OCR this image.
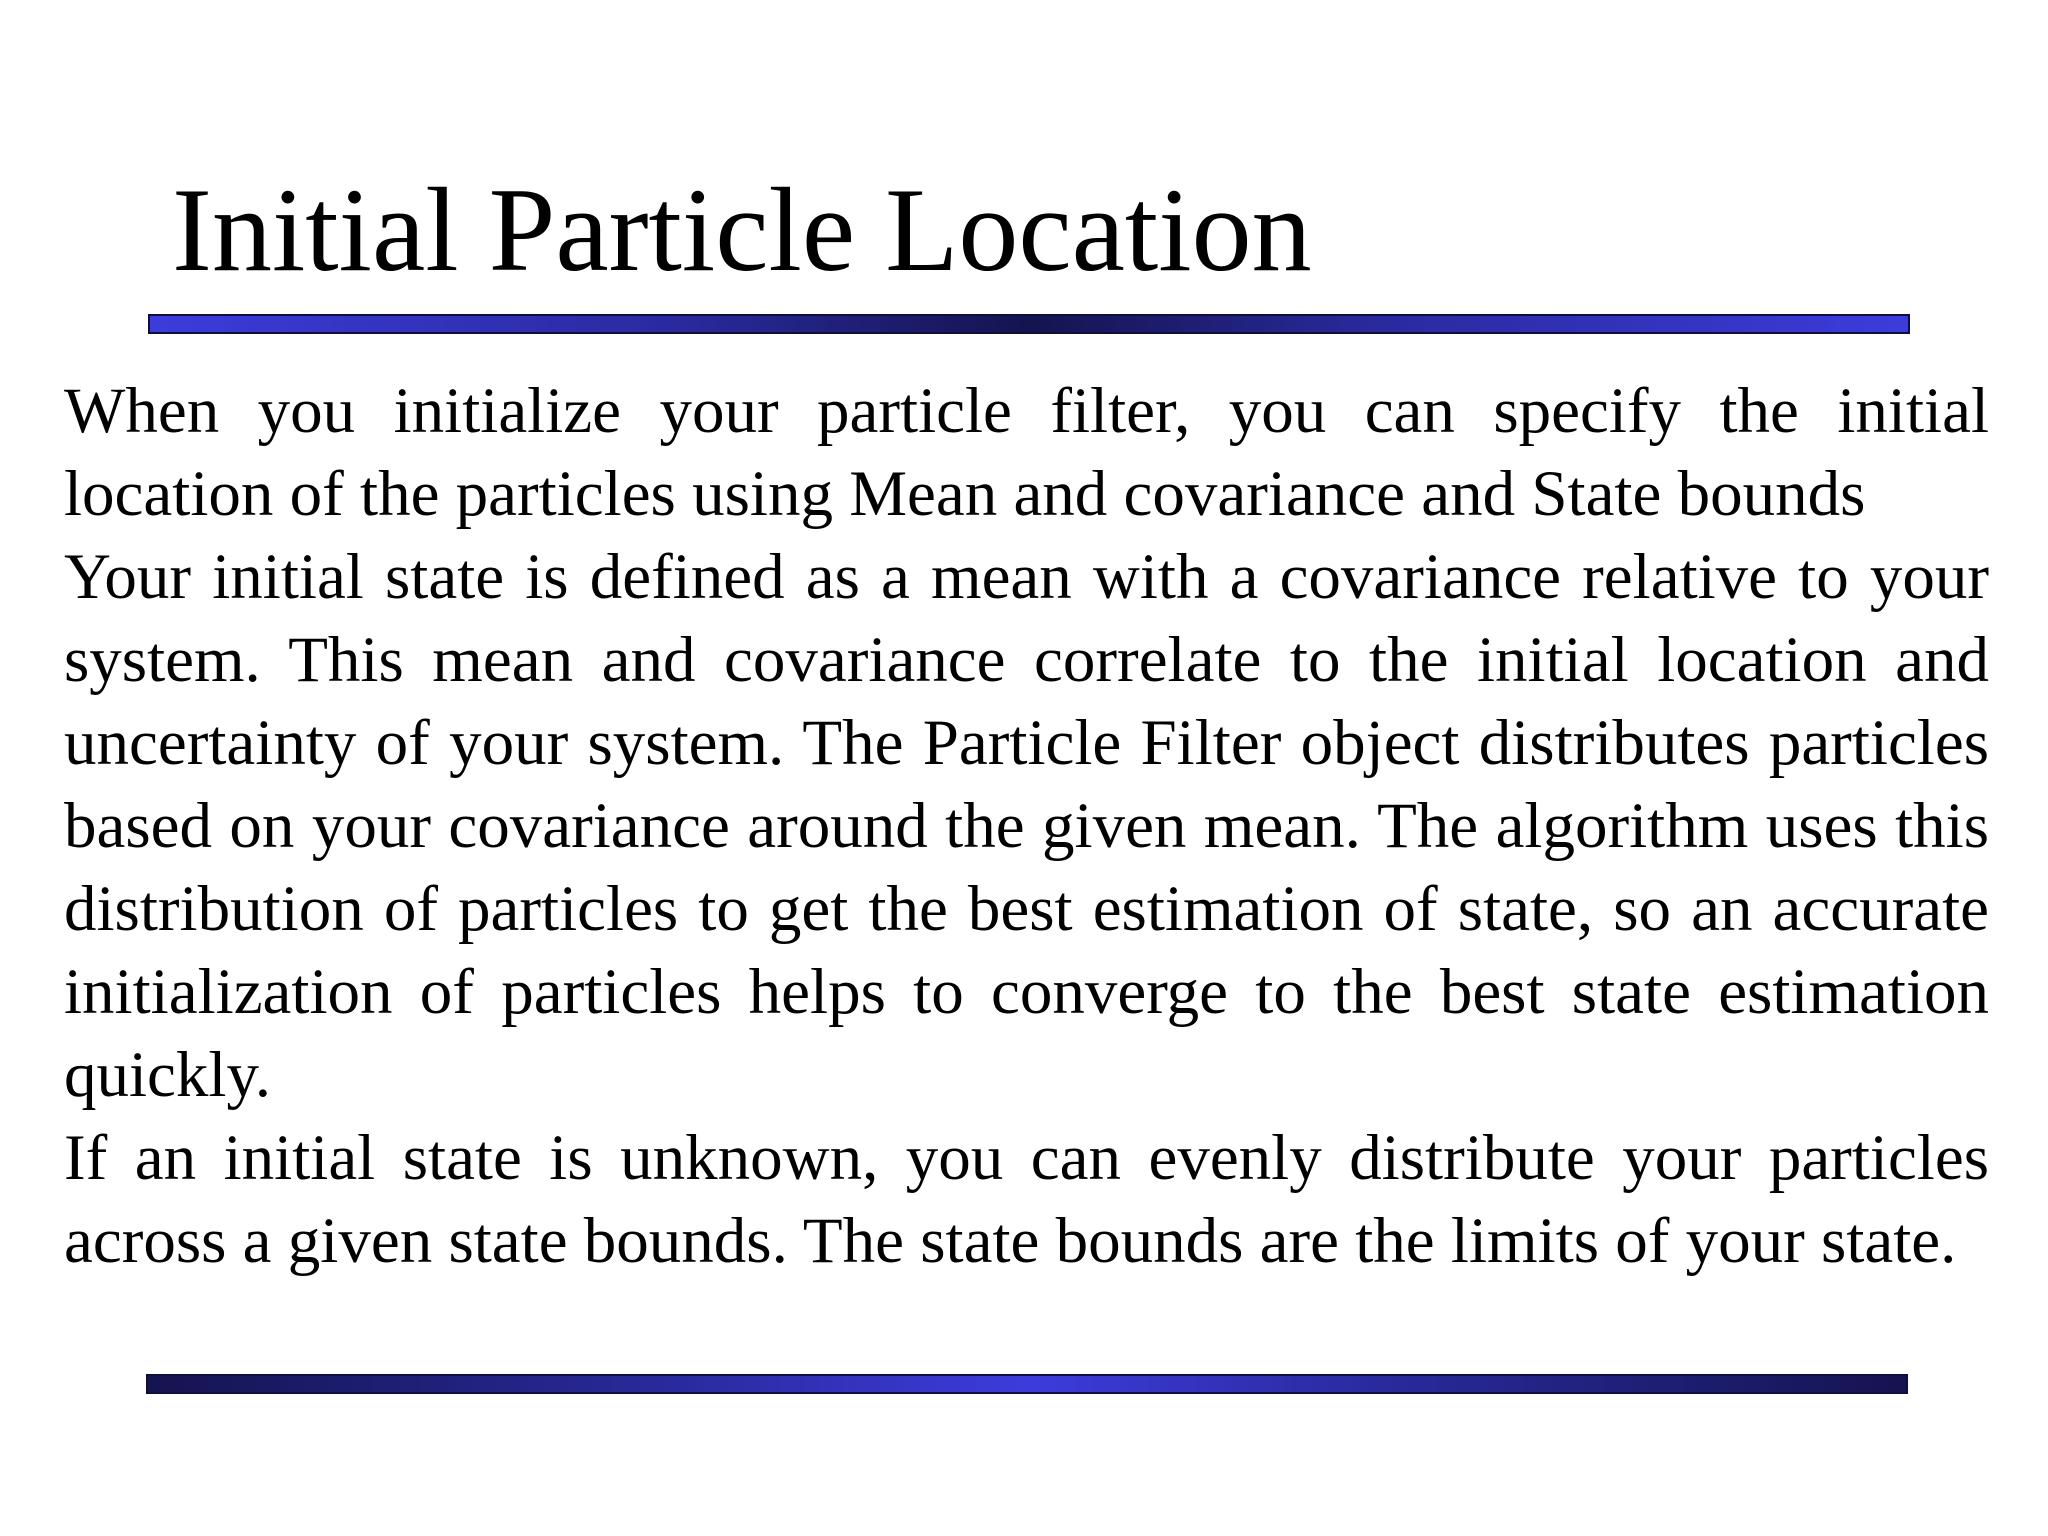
Initial Particle Location

When you initialize your particle filter, you can specify the initial location of the particles using Mean and covariance and State bounds

Your initial state is defined as a mean with a covariance relative to your system. This mean and covariance correlate to the initial location and uncertainty of your system. The Particle Filter object distributes particles based on your covariance around the given mean. The algorithm uses this distribution of particles to get the best estimation of state, so an accurate initialization of particles helps to converge to the best state estimation quickly.

If an initial state is unknown, you can evenly distribute your particles across a given state bounds. The state bounds are the limits of your state.
